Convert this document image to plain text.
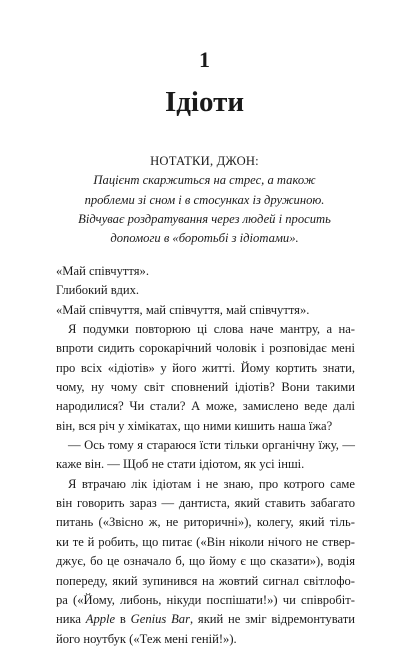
1
Ідіоти
НОТАТКИ, ДЖОН:
Пацієнт скаржиться на стрес, а також
проблеми зі сном і в стосунках із дружиною.
Відчуває роздратування через людей і просить
допомоги в «боротьбі з ідіотами».
«Май співчуття».
Глибокий вдих.
«Май співчуття, май співчуття, май співчуття».
Я подумки повторюю ці слова наче мантру, а на-
впроти сидить сорокарічний чоловік і розповідає мені
про всіх «ідіотів» у його житті. Йому кортить знати,
чому, ну чому світ сповнений ідіотів? Вони такими
народилися? Чи стали? А може, замислено веде далі
він, вся річ у хімікатах, що ними кишить наша їжа?
— Ось тому я стараюся їсти тільки органічну їжу, —
каже він. — Щоб не стати ідіотом, як усі інші.
Я втрачаю лік ідіотам і не знаю, про котрого саме
він говорить зараз — дантиста, який ставить забагато
питань («Звісно ж, не риторичні»), колегу, який тіль-
ки те й робить, що питає («Він ніколи нічого не ствер-
джує, бо це означало б, що йому є що сказати»), водія
попереду, який зупинився на жовтий сигнал світлофо-
ра («Йому, либонь, нікуди поспішати!») чи співробіт-
ника Apple в Genius Bar, який не зміг відремонтувати
його ноутбук («Теж мені геній!»).
